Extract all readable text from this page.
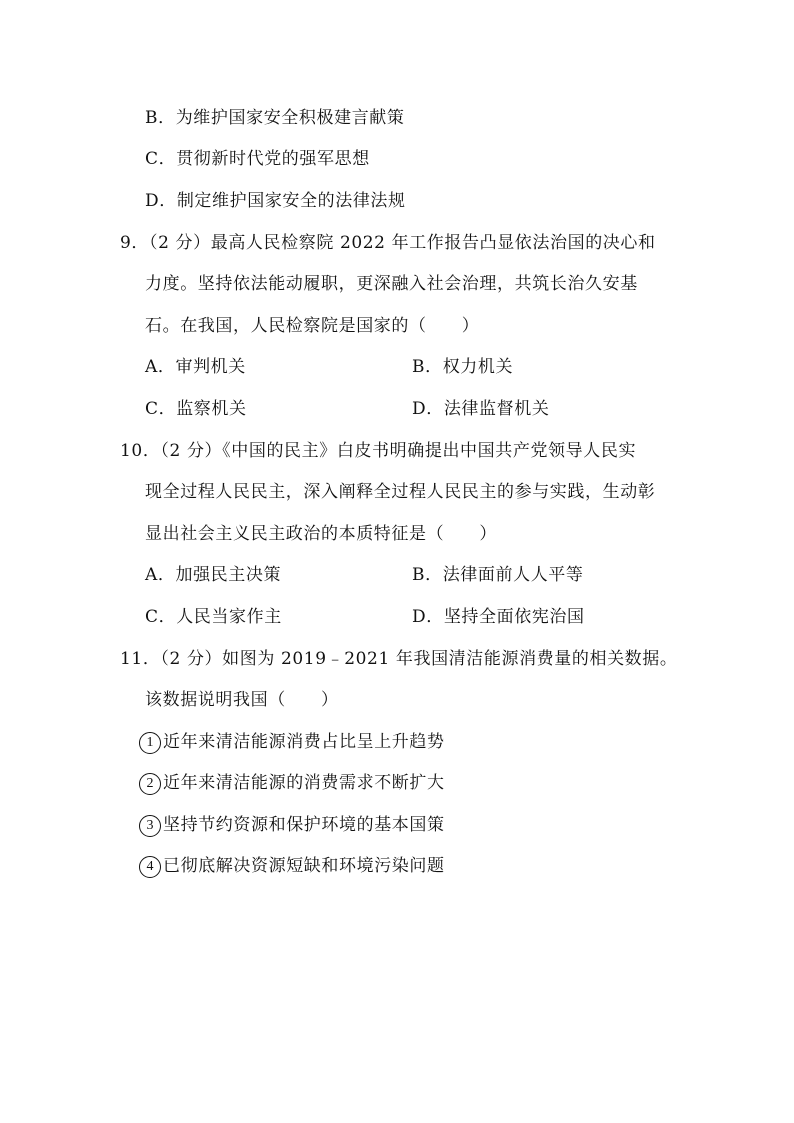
B．为维护国家安全积极建言献策
C．贯彻新时代党的强军思想
D．制定维护国家安全的法律法规
9．（2 分）最高人民检察院 2022 年工作报告凸显依法治国的决心和
力度。坚持依法能动履职，更深融入社会治理，共筑长治久安基
石。在我国，人民检察院是国家的（　　）
A．审判机关	B．权力机关
C．监察机关	D．法律监督机关
10．（2 分）《中国的民主》白皮书明确提出中国共产党领导人民实
现全过程人民民主，深入阐释全过程人民民主的参与实践，生动彰
显出社会主义民主政治的本质特征是（　　）
A．加强民主决策	B．法律面前人人平等
C．人民当家作主	D．坚持全面依宪治国
11．（2 分）如图为 2019﹣2021 年我国清洁能源消费量的相关数据。
该数据说明我国（　　）
1 近年来清洁能源消费占比呈上升趋势
2 近年来清洁能源的消费需求不断扩大
3 坚持节约资源和保护环境的基本国策
4 已彻底解决资源短缺和环境污染问题
